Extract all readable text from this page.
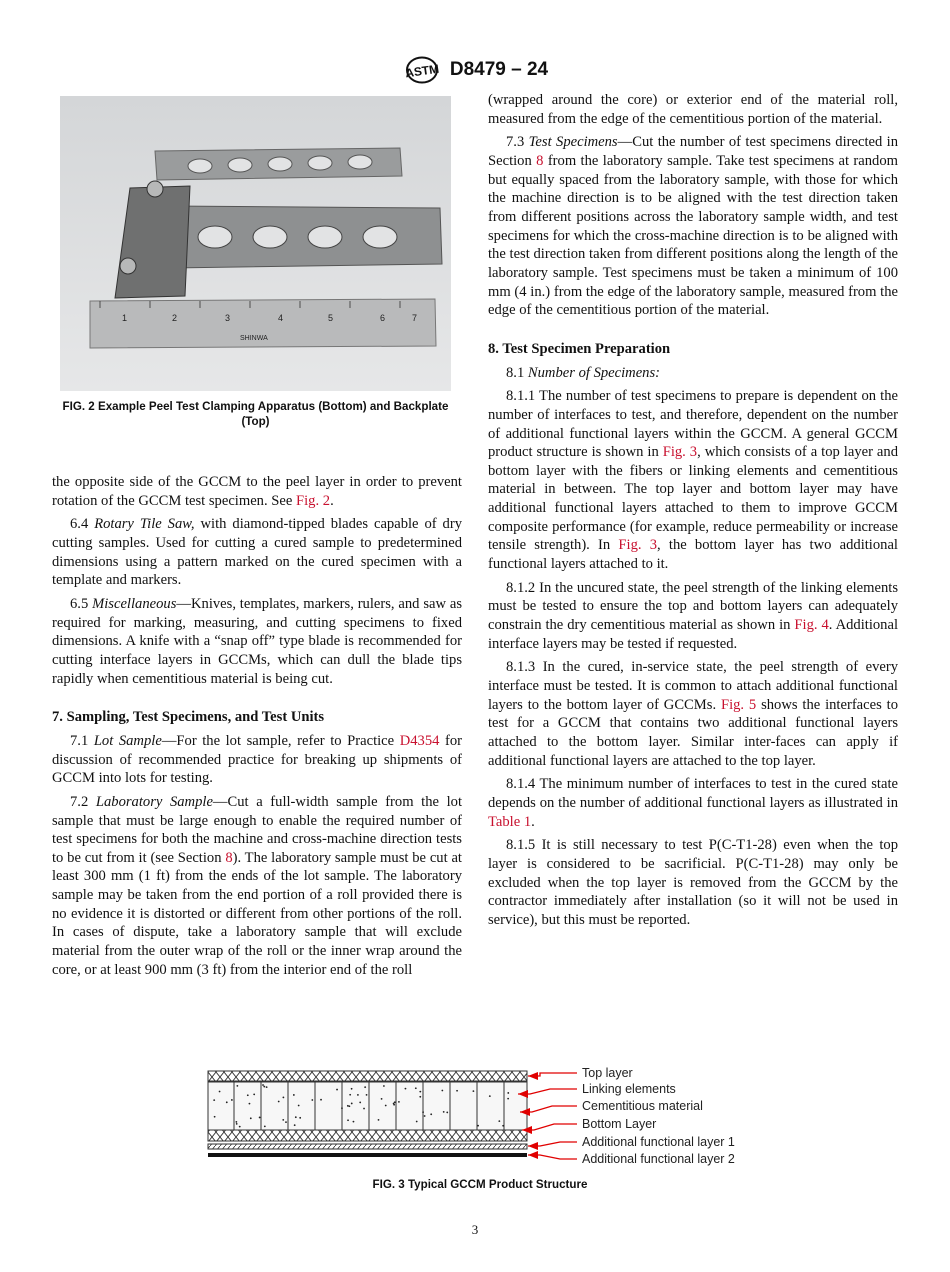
ASTM D8479 – 24
1	2	3	4	5	6	7
SHINWA
FIG. 2 Example Peel Test Clamping Apparatus (Bottom) and Backplate (Top)

the opposite side of the GCCM to the peel layer in order to prevent rotation of the GCCM test specimen. See Fig. 2.

6.4 Rotary Tile Saw, with diamond-tipped blades capable of dry cutting samples. Used for cutting a cured sample to predetermined dimensions using a pattern marked on the cured specimen with a template and markers.

6.5 Miscellaneous—Knives, templates, markers, rulers, and saw as required for marking, measuring, and cutting specimens to fixed dimensions. A knife with a “snap off” type blade is recommended for cutting interface layers in GCCMs, which can dull the blade tips rapidly when cementitious material is being cut.

7. Sampling, Test Specimens, and Test Units

7.1 Lot Sample—For the lot sample, refer to Practice D4354 for discussion of recommended practice for breaking up shipments of GCCM into lots for testing.

7.2 Laboratory Sample—Cut a full-width sample from the lot sample that must be large enough to enable the required number of test specimens for both the machine and cross-machine direction tests to be cut from it (see Section 8). The laboratory sample must be cut at least 300 mm (1 ft) from the ends of the lot sample. The laboratory sample may be taken from the end portion of a roll provided there is no evidence it is distorted or different from other portions of the roll. In cases of dispute, take a laboratory sample that will exclude material from the outer wrap of the roll or the inner wrap around the core, or at least 900 mm (3 ft) from the interior end of the roll

(wrapped around the core) or exterior end of the material roll, measured from the edge of the cementitious portion of the material.

7.3 Test Specimens—Cut the number of test specimens directed in Section 8 from the laboratory sample. Take test specimens at random but equally spaced from the laboratory sample, with those for which the machine direction is to be aligned with the test direction taken from different positions across the laboratory sample width, and test specimens for which the cross-machine direction is to be aligned with the test direction taken from different positions along the length of the laboratory sample. Test specimens must be taken a minimum of 100 mm (4 in.) from the edge of the laboratory sample, measured from the edge of the cementitious portion of the material.

8. Test Specimen Preparation

8.1 Number of Specimens:

8.1.1 The number of test specimens to prepare is dependent on the number of interfaces to test, and therefore, dependent on the number of additional functional layers within the GCCM. A general GCCM product structure is shown in Fig. 3, which consists of a top layer and bottom layer with the fibers or linking elements and cementitious material in between. The top layer and bottom layer may have additional functional layers attached to them to improve GCCM composite performance (for example, reduce permeability or increase tensile strength). In Fig. 3, the bottom layer has two additional functional layers attached to it.

8.1.2 In the uncured state, the peel strength of the linking elements must be tested to ensure the top and bottom layers can adequately constrain the dry cementitious material as shown in Fig. 4. Additional interface layers may be tested if requested.

8.1.3 In the cured, in-service state, the peel strength of every interface must be tested. It is common to attach additional functional layers to the bottom layer of GCCMs. Fig. 5 shows the interfaces to test for a GCCM that contains two additional functional layers attached to the bottom layer. Similar inter-faces can apply if additional functional layers are attached to the top layer.

8.1.4 The minimum number of interfaces to test in the cured state depends on the number of additional functional layers as illustrated in Table 1.

8.1.5 It is still necessary to test P(C-T1-28) even when the top layer is considered to be sacrificial. P(C-T1-28) may only be excluded when the top layer is removed from the GCCM by the contractor immediately after installation (so it will not be used in service), but this must be reported.

Top layer
Linking elements
Cementitious material
Bottom Layer
Additional functional layer 1
Additional functional layer 2
FIG. 3 Typical GCCM Product Structure
3
